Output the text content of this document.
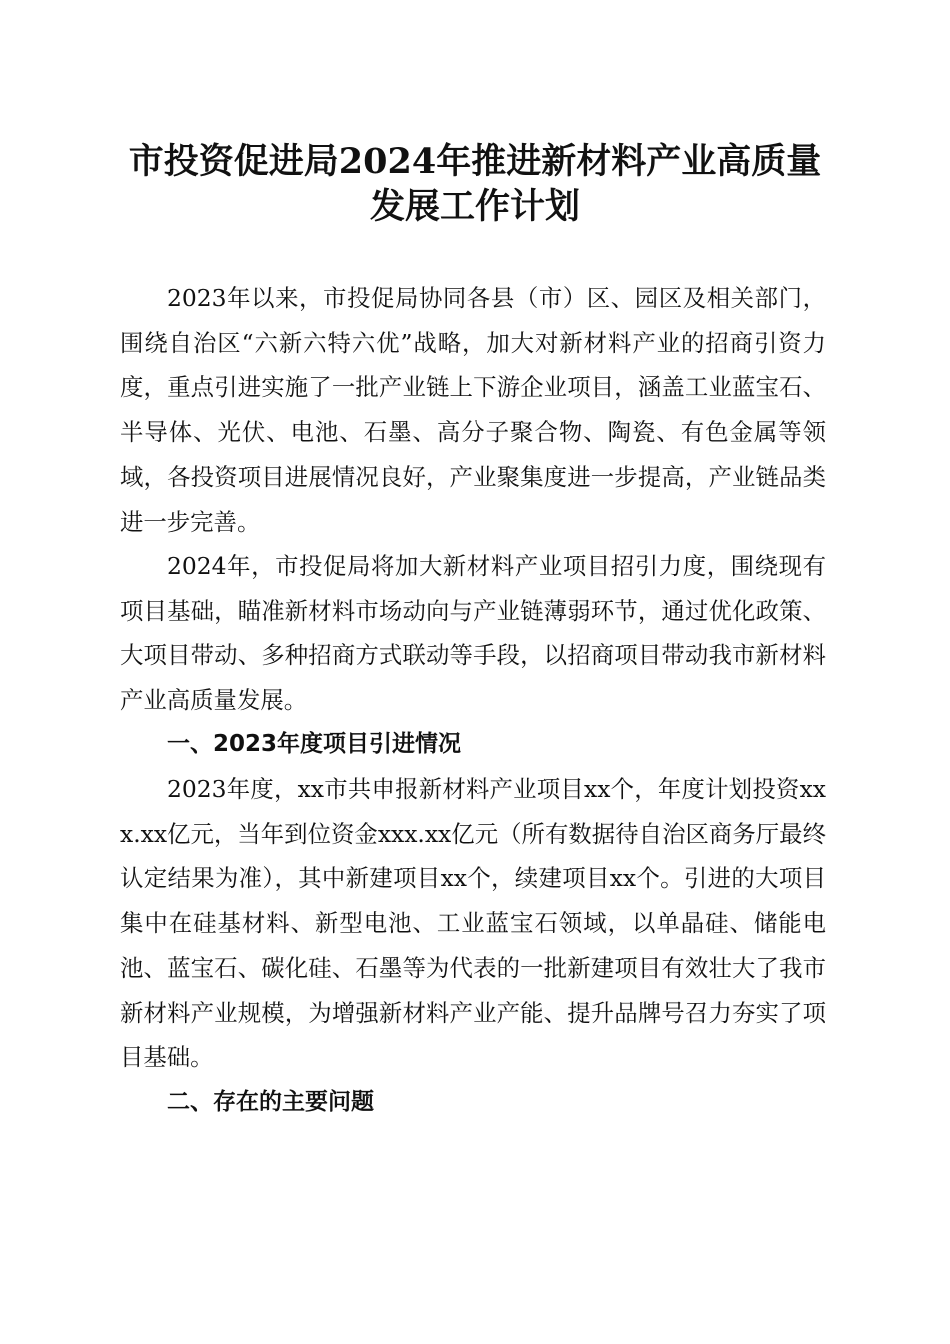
市投资促进局2024年推进新材料产业高质量
发展工作计划

2023年以来，市投促局协同各县（市）区、园区及相关部门，围绕自治区“六新六特六优”战略，加大对新材料产业的招商引资力度，重点引进实施了一批产业链上下游企业项目，涵盖工业蓝宝石、半导体、光伏、电池、石墨、高分子聚合物、陶瓷、有色金属等领域，各投资项目进展情况良好，产业聚集度进一步提高，产业链品类进一步完善。

2024年，市投促局将加大新材料产业项目招引力度，围绕现有项目基础，瞄准新材料市场动向与产业链薄弱环节，通过优化政策、大项目带动、多种招商方式联动等手段，以招商项目带动我市新材料产业高质量发展。

一、2023年度项目引进情况

2023年度，xx市共申报新材料产业项目xx个，年度计划投资xxx.xx亿元，当年到位资金xxx.xx亿元（所有数据待自治区商务厅最终认定结果为准），其中新建项目xx个，续建项目xx个。引进的大项目集中在硅基材料、新型电池、工业蓝宝石领域，以单晶硅、储能电池、蓝宝石、碳化硅、石墨等为代表的一批新建项目有效壮大了我市新材料产业规模，为增强新材料产业产能、提升品牌号召力夯实了项目基础。

二、存在的主要问题
